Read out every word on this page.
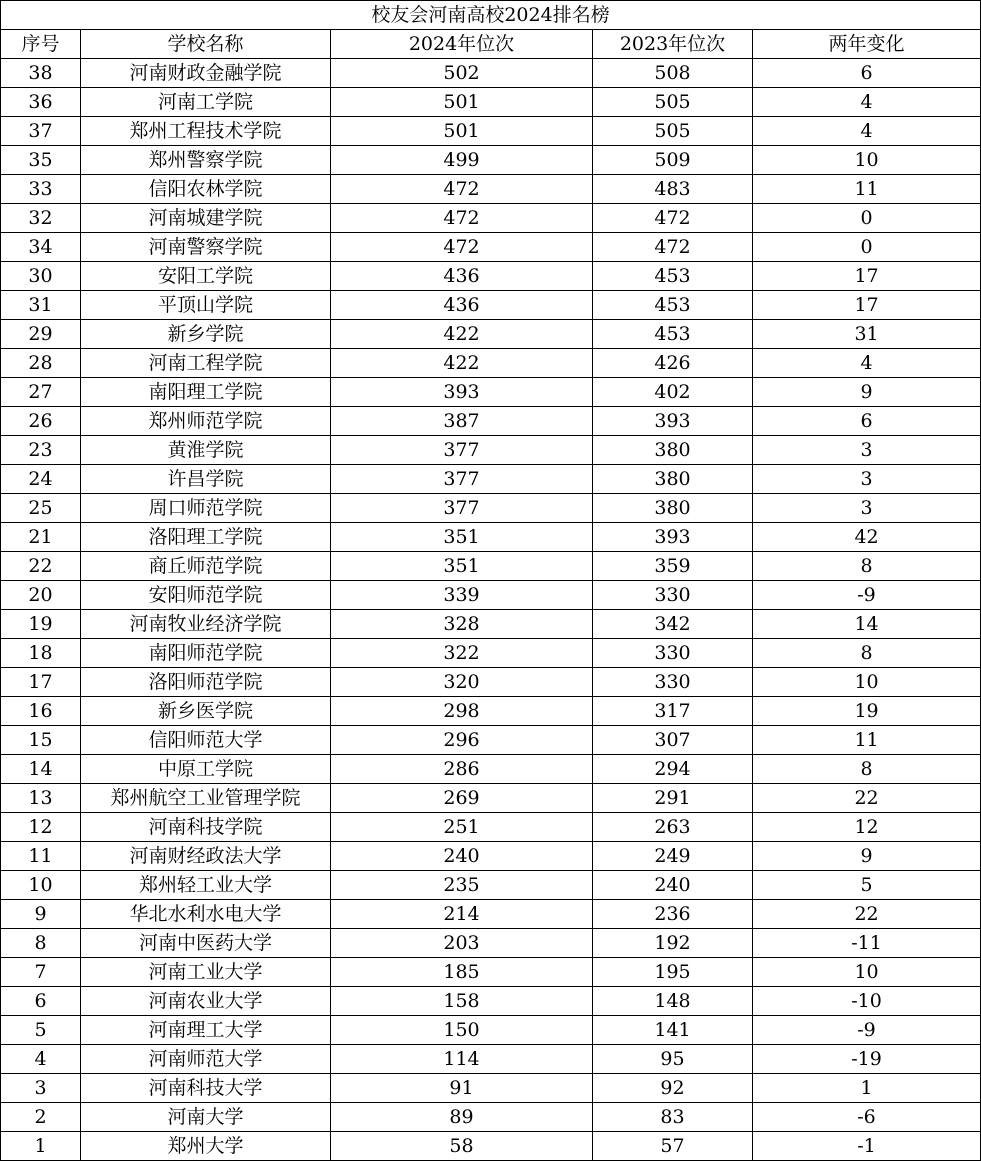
校友会河南高校2024排名榜				
序号	学校名称	2024年位次	2023年位次	两年变化
38	河南财政金融学院	502	508	6
36	河南工学院	501	505	4
37	郑州工程技术学院	501	505	4
35	郑州警察学院	499	509	10
33	信阳农林学院	472	483	11
32	河南城建学院	472	472	0
34	河南警察学院	472	472	0
30	安阳工学院	436	453	17
31	平顶山学院	436	453	17
29	新乡学院	422	453	31
28	河南工程学院	422	426	4
27	南阳理工学院	393	402	9
26	郑州师范学院	387	393	6
23	黄淮学院	377	380	3
24	许昌学院	377	380	3
25	周口师范学院	377	380	3
21	洛阳理工学院	351	393	42
22	商丘师范学院	351	359	8
20	安阳师范学院	339	330	-9
19	河南牧业经济学院	328	342	14
18	南阳师范学院	322	330	8
17	洛阳师范学院	320	330	10
16	新乡医学院	298	317	19
15	信阳师范大学	296	307	11
14	中原工学院	286	294	8
13	郑州航空工业管理学院	269	291	22
12	河南科技学院	251	263	12
11	河南财经政法大学	240	249	9
10	郑州轻工业大学	235	240	5
9	华北水利水电大学	214	236	22
8	河南中医药大学	203	192	-11
7	河南工业大学	185	195	10
6	河南农业大学	158	148	-10
5	河南理工大学	150	141	-9
4	河南师范大学	114	95	-19
3	河南科技大学	91	92	1
2	河南大学	89	83	-6
1	郑州大学	58	57	-1
